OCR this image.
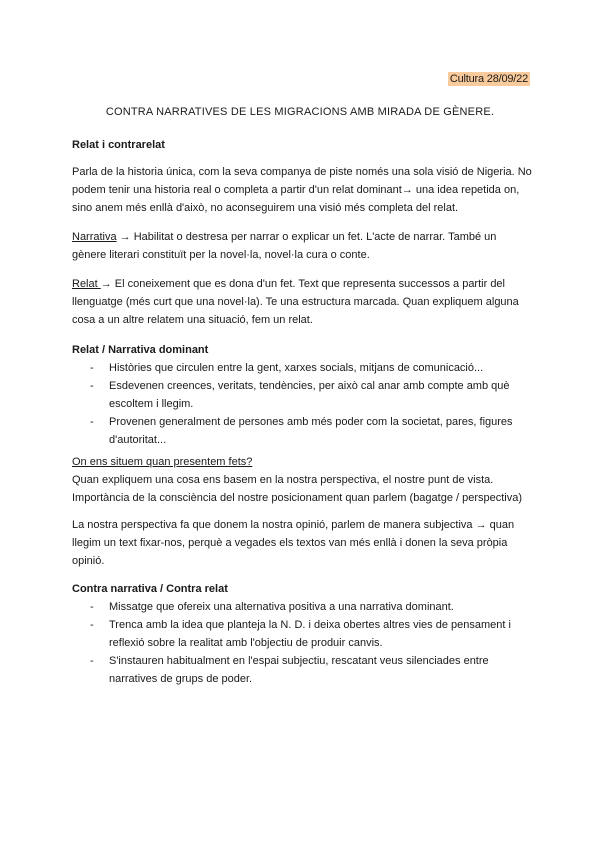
Cultura 28/09/22
CONTRA NARRATIVES DE LES MIGRACIONS AMB MIRADA DE GÈNERE.
Relat i contrarelat
Parla de la historia única, com la seva companya de piste només una sola visió de Nigeria. No podem tenir una historia real o completa a partir d'un relat dominant→ una idea repetida on, sino anem més enllà d'això, no aconseguirem una visió més completa del relat.
Narrativa → Habilitat o destresa per narrar o explicar un fet. L'acte de narrar. També un gènere literari constituït per la novel·la, novel·la cura o conte.
Relat → El coneixement que es dona d'un fet. Text que representa successos a partir del llenguatge (més curt que una novel·la). Te una estructura marcada. Quan expliquem alguna cosa a un altre relatem una situació, fem un relat.
Relat / Narrativa dominant
- Històries que circulen entre la gent, xarxes socials, mitjans de comunicació...
- Esdevenen creences, veritats, tendències, per això cal anar amb compte amb què escoltem i llegim.
- Provenen generalment de persones amb més poder com la societat, pares, figures d'autoritat...
On ens situem quan presentem fets?
Quan expliquem una cosa ens basem en la nostra perspectiva, el nostre punt de vista. Importància de la consciència del nostre posicionament quan parlem (bagatge / perspectiva)
La nostra perspectiva fa que donem la nostra opinió, parlem de manera subjectiva → quan llegim un text fixar-nos, perquè a vegades els textos van més enllà i donen la seva pròpia opinió.
Contra narrativa / Contra relat
- Missatge que ofereix una alternativa positiva a una narrativa dominant.
- Trenca amb la idea que planteja la N. D. i deixa obertes altres vies de pensament i reflexió sobre la realitat amb l'objectiu de produir canvis.
- S'instauren habitualment en l'espai subjectiu, rescatant veus silenciades entre narratives de grups de poder.
